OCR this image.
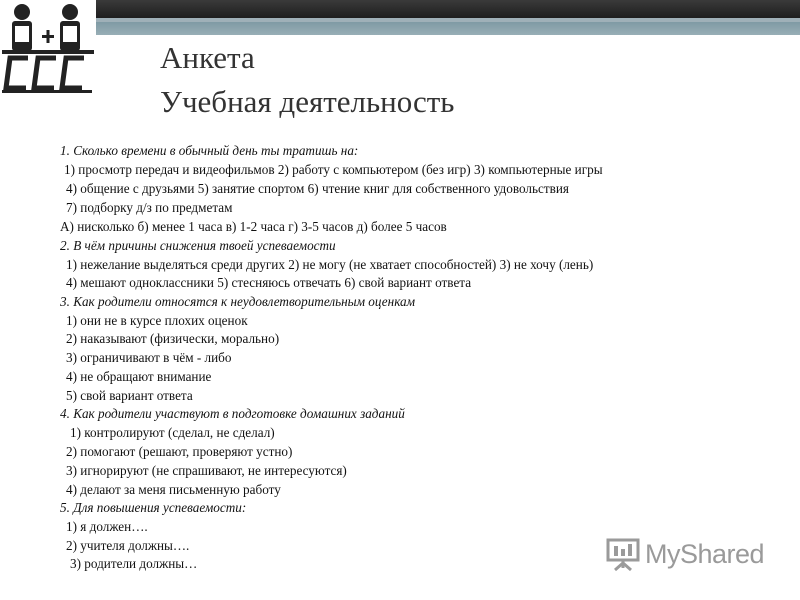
Анкета
Учебная деятельность
1. Сколько времени в обычный день ты тратишь на:
1) просмотр передач и видеофильмов 2) работу с компьютером (без игр) 3) компьютерные игры
4) общение с друзьями 5) занятие спортом 6) чтение книг для собственного удовольствия
7) подборку д/з по предметам
А) нисколько б) менее 1 часа в) 1-2 часа г) 3-5 часов д) более 5 часов
2. В чём причины снижения твоей успеваемости
1) нежелание выделяться среди других 2) не могу (не хватает способностей) 3) не хочу (лень)
4) мешают одноклассники 5) стесняюсь отвечать 6) свой вариант ответа
3. Как родители относятся к неудовлетворительным оценкам
1) они не в курсе плохих оценок
2) наказывают (физически, морально)
3) ограничивают в чём - либо
4) не обращают внимание
5) свой вариант ответа
4. Как родители участвуют в подготовке домашних заданий
1) контролируют (сделал, не сделал)
2) помогают (решают, проверяют устно)
3) игнорируют (не спрашивают, не интересуются)
4) делают за меня письменную работу
5. Для повышения успеваемости:
1) я должен….
2) учителя должны….
3) родители должны…	MyShared
